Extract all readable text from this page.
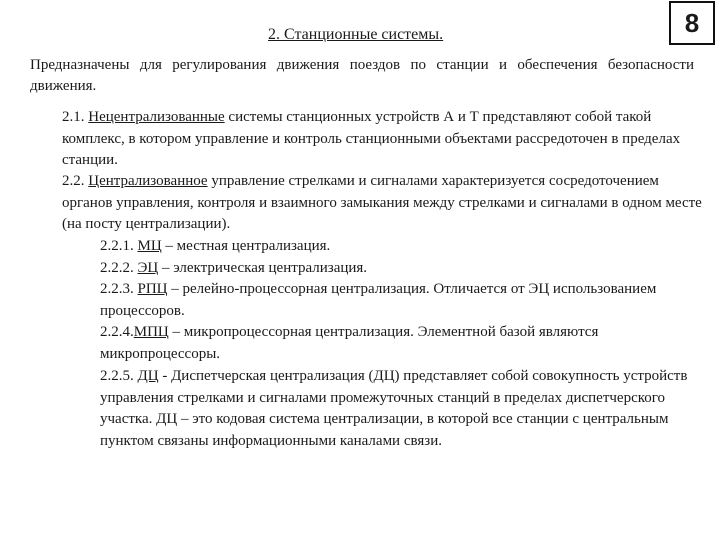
2. Станционные системы.	8
Предназначены для регулирования движения поездов по станции и обеспечения безопасности движения.
2.1. Нецентрализованные системы станционных устройств А и Т представляют собой такой комплекс, в котором управление и контроль станционными объектами рассредоточен в пределах станции.
2.2. Централизованное управление стрелками и сигналами характеризуется сосредоточением органов управления, контроля и взаимного замыкания между стрелками и сигналами в одном месте (на посту централизации).
2.2.1. МЦ – местная централизация.
2.2.2. ЭЦ – электрическая централизация.
2.2.3. РПЦ – релейно-процессорная централизация. Отличается от ЭЦ использованием процессоров.
2.2.4.МПЦ – микропроцессорная централизация. Элементной базой являются микропроцессоры.
2.2.5. ДЦ - Диспетчерская централизация (ДЦ) представляет собой совокупность устройств управления стрелками и сигналами промежуточных станций в пределах диспетчерского участка. ДЦ – это кодовая система централизации, в которой все станции с центральным пунктом связаны информационными каналами связи.
